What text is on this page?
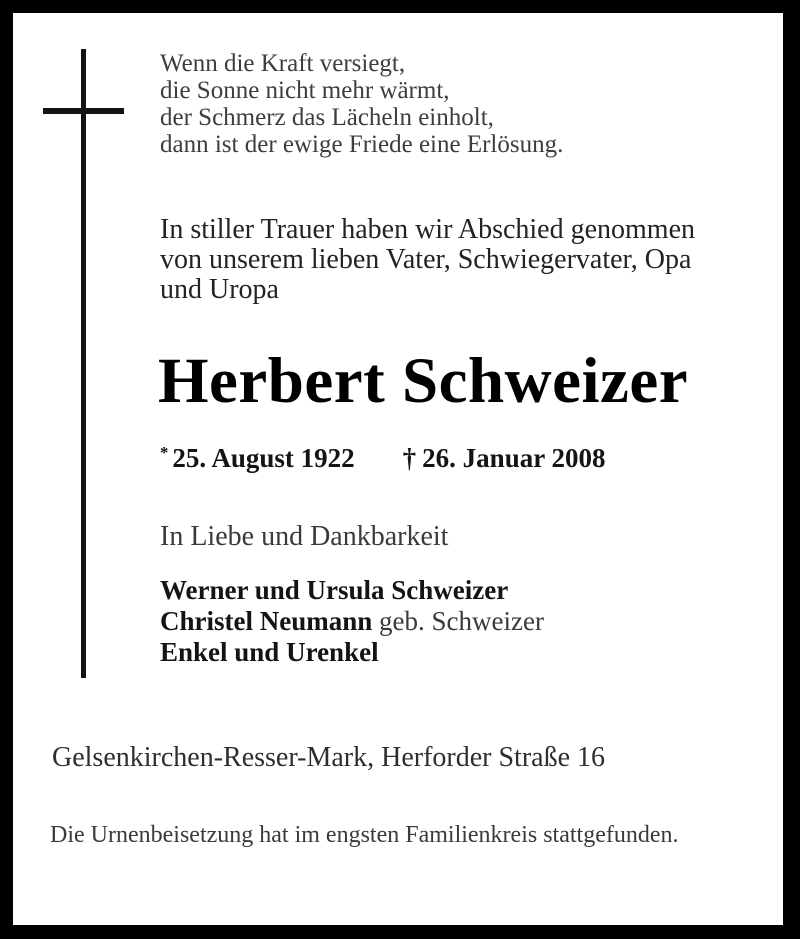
Wenn die Kraft versiegt,
die Sonne nicht mehr wärmt,
der Schmerz das Lächeln einholt,
dann ist der ewige Friede eine Erlösung.
In stiller Trauer haben wir Abschied genommen
von unserem lieben Vater, Schwiegervater, Opa
und Uropa
Herbert Schweizer
* 25. August 1922 † 26. Januar 2008
In Liebe und Dankbarkeit
Werner und Ursula Schweizer
Christel Neumann geb. Schweizer
Enkel und Urenkel
Gelsenkirchen-Resser-Mark, Herforder Straße 16
Die Urnenbeisetzung hat im engsten Familienkreis stattgefunden.
